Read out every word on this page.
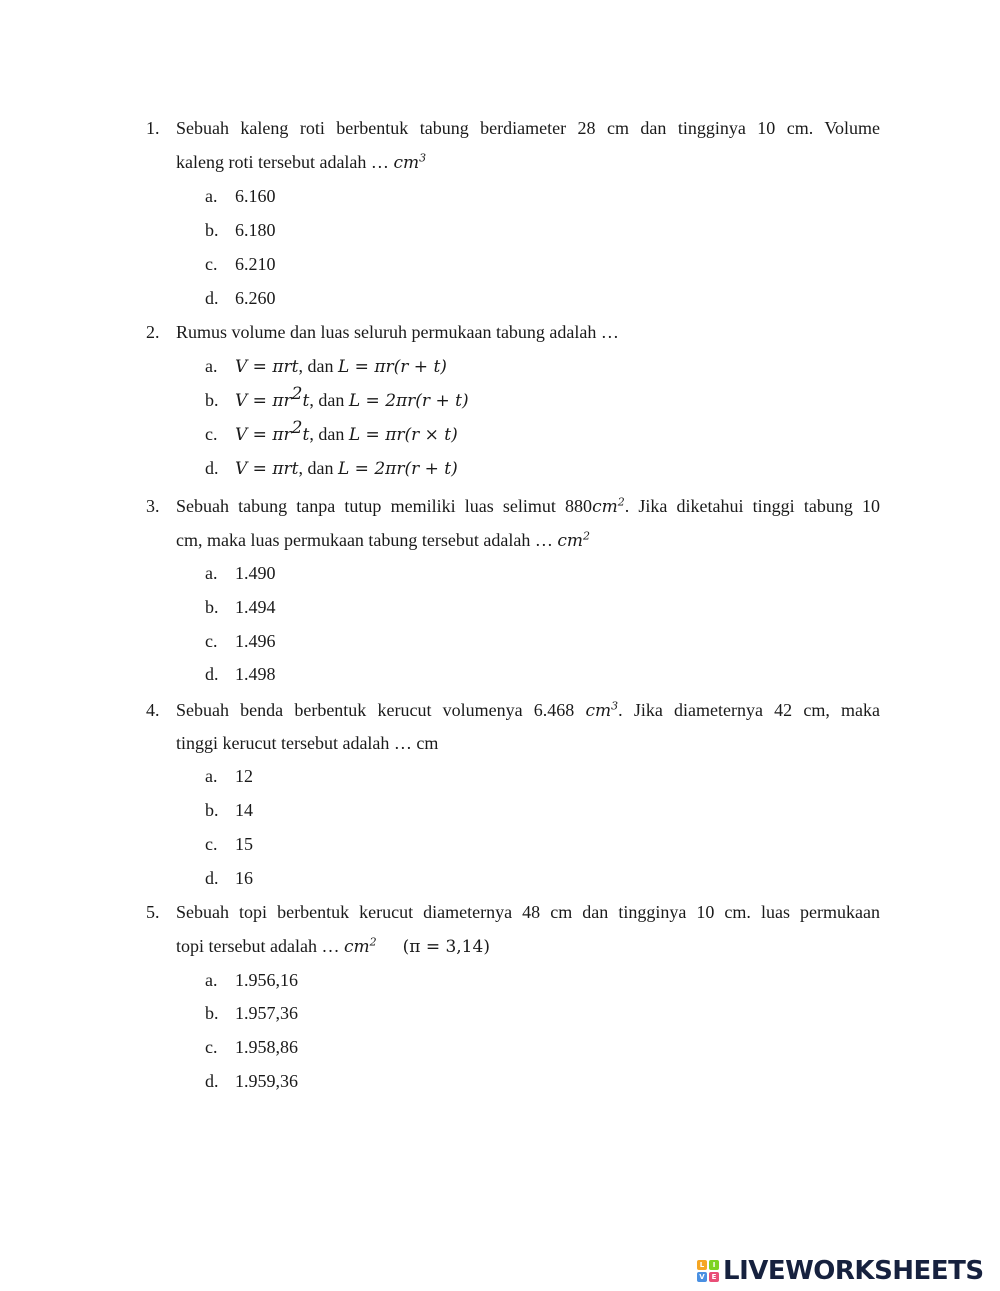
1. Sebuah kaleng roti berbentuk tabung berdiameter 28 cm dan tingginya 10 cm. Volume
kaleng roti tersebut adalah … $cm^3$
a. 6.160
b. 6.180
c. 6.210
d. 6.260
2. Rumus volume dan luas seluruh permukaan tabung adalah …
a. V = πrt, dan L = πr(r + t)
b. $V = \pi r^2t$, dan L = 2πr(r + t)
c. $V = \pi r^2t$, dan L = πr(r × t)
d. V = πrt, dan L = 2πr(r + t)
3. Sebuah tabung tanpa tutup memiliki luas selimut $880cm^2$. Jika diketahui tinggi tabung 10
cm, maka luas permukaan tabung tersebut adalah … $cm^2$
a. 1.490
b. 1.494
c. 1.496
d. 1.498
4. Sebuah benda berbentuk kerucut volumenya 6.468 $cm^3$. Jika diameternya 42 cm, maka
tinggi kerucut tersebut adalah … cm
a. 12
b. 14
c. 15
d. 16
5. Sebuah topi berbentuk kerucut diameternya 48 cm dan tingginya 10 cm. luas permukaan
topi tersebut adalah … $cm^2$ (π = 3,14)
a. 1.956,16
b. 1.957,36
c. 1.958,86
d. 1.959,36
L	I
V E LIVEWORKSHEETS
